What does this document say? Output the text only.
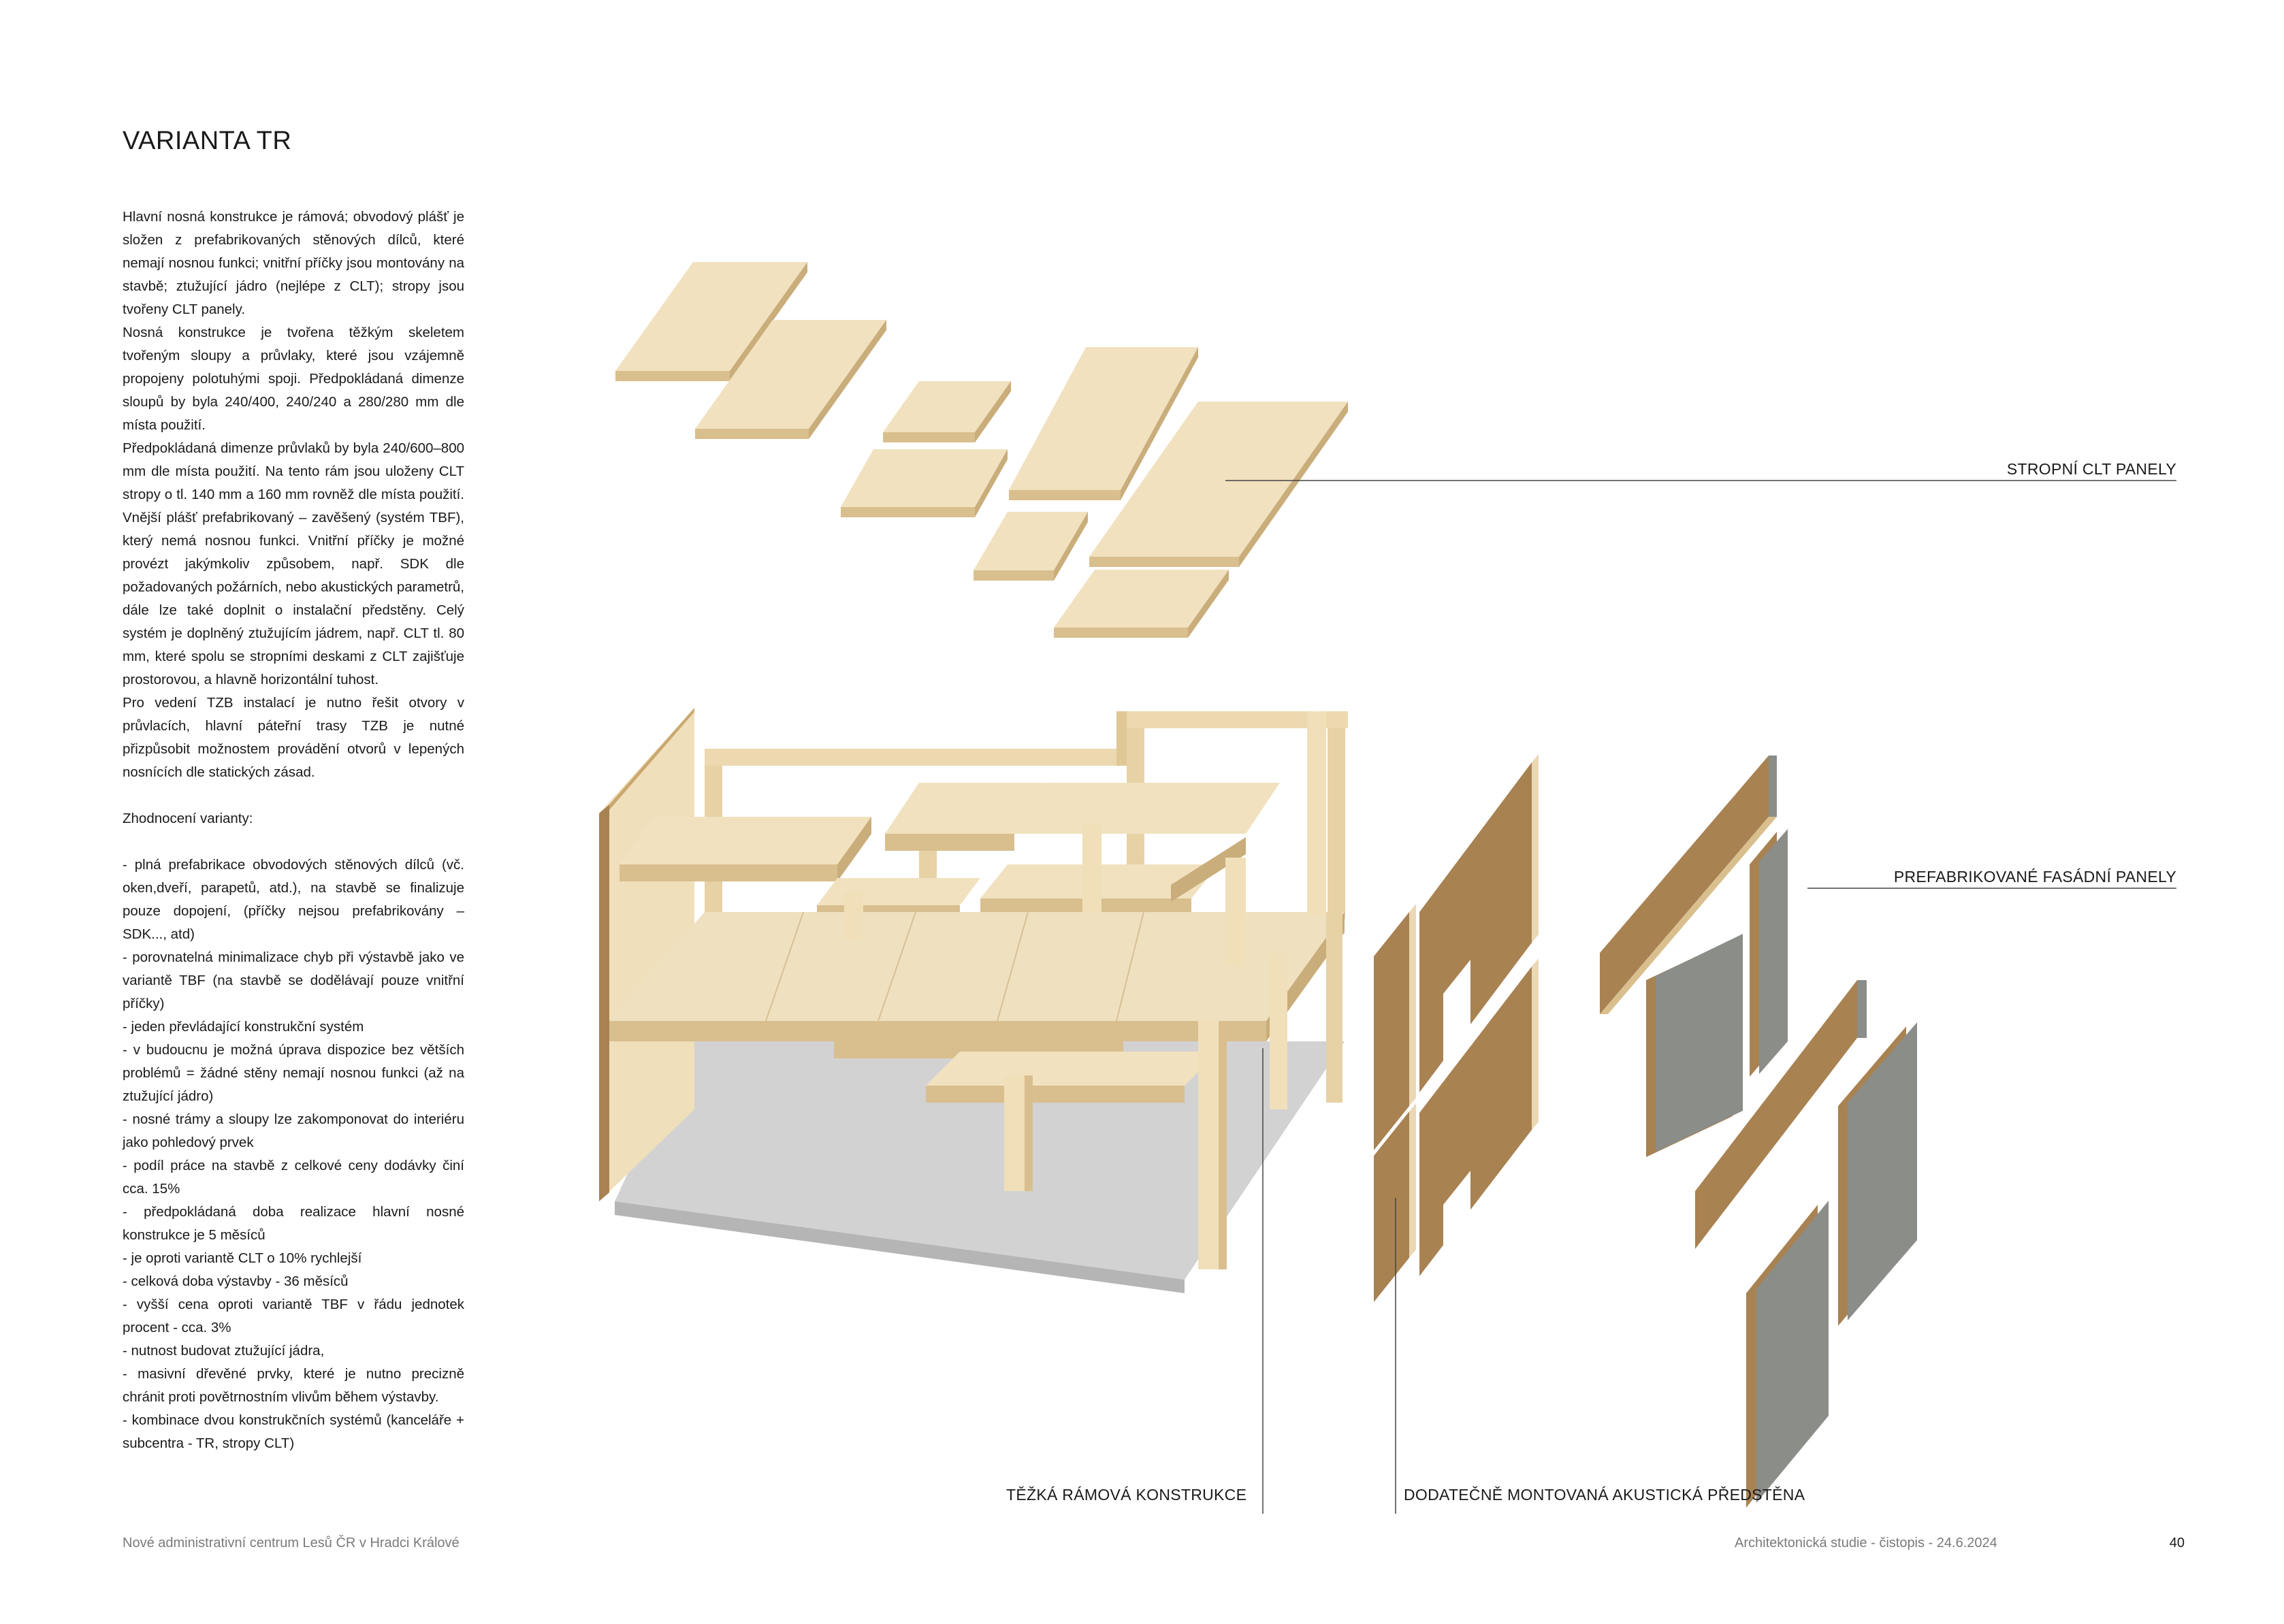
VARIANTA TR

Hlavní nosná konstrukce je rámová; obvodový plášť je složen z prefabrikovaných stěnových dílců, které nemají nosnou funkci; vnitřní příčky jsou montovány na stavbě; ztužující jádro (nejlépe z CLT); stropy jsou tvořeny CLT panely.

Nosná konstrukce je tvořena těžkým skeletem tvořeným sloupy a průvlaky, které jsou vzájemně propojeny polotuhými spoji. Předpokládaná dimenze sloupů by byla 240/400, 240/240 a 280/280 mm dle místa použití.

Předpokládaná dimenze průvlaků by byla 240/600–800 mm dle místa použití. Na tento rám jsou uloženy CLT stropy o tl. 140 mm a 160 mm rovněž dle místa použití. Vnější plášť prefabrikovaný – zavěšený (systém TBF), který nemá nosnou funkci. Vnitřní příčky je možné provézt jakýmkoliv způsobem, např. SDK dle požadovaných požárních, nebo akustických parametrů, dále lze také doplnit o instalační předstěny. Celý systém je doplněný ztužujícím jádrem, např. CLT tl. 80 mm, které spolu se stropními deskami z CLT zajišťuje prostorovou, a hlavně horizontální tuhost.

Pro vedení TZB instalací je nutno řešit otvory v průvlacích, hlavní páteřní trasy TZB je nutné přizpůsobit možnostem provádění otvorů v lepených nosnících dle statických zásad.

Zhodnocení varianty:

- plná prefabrikace obvodových stěnových dílců (vč. oken,dveří, parapetů, atd.), na stavbě se finalizuje pouze dopojení, (příčky nejsou prefabrikovány – SDK..., atd)

- porovnatelná minimalizace chyb při výstavbě jako ve variantě TBF (na stavbě se dodělávají pouze vnitřní příčky)

- jeden převládající konstrukční systém

- v budoucnu je možná úprava dispozice bez větších problémů = žádné stěny nemají nosnou funkci (až na ztužující jádro)

- nosné trámy a sloupy lze zakomponovat do interiéru jako pohledový prvek

- podíl práce na stavbě z celkové ceny dodávky činí cca. 15%

- předpokládaná doba realizace hlavní nosné konstrukce je 5 měsíců

- je oproti variantě CLT o 10% rychlejší

- celková doba výstavby - 36 měsíců

- vyšší cena oproti variantě TBF v řádu jednotek procent - cca. 3%

- nutnost budovat ztužující jádra,

- masivní dřevěné prvky, které je nutno precizně chránit proti povětrnostním vlivům během výstavby.

- kombinace dvou konstrukčních systémů (kanceláře + subcentra - TR, stropy CLT)

STROPNÍ CLT PANELY
PREFABRIKOVANÉ FASÁDNÍ PANELY
TĚŽKÁ RÁMOVÁ KONSTRUKCE	DODATEČNĚ MONTOVANÁ AKUSTICKÁ PŘEDSTĚNA
Nové administrativní centrum Lesů ČR v Hradci Králové	Architektonická studie - čistopis - 24.6.2024	40
